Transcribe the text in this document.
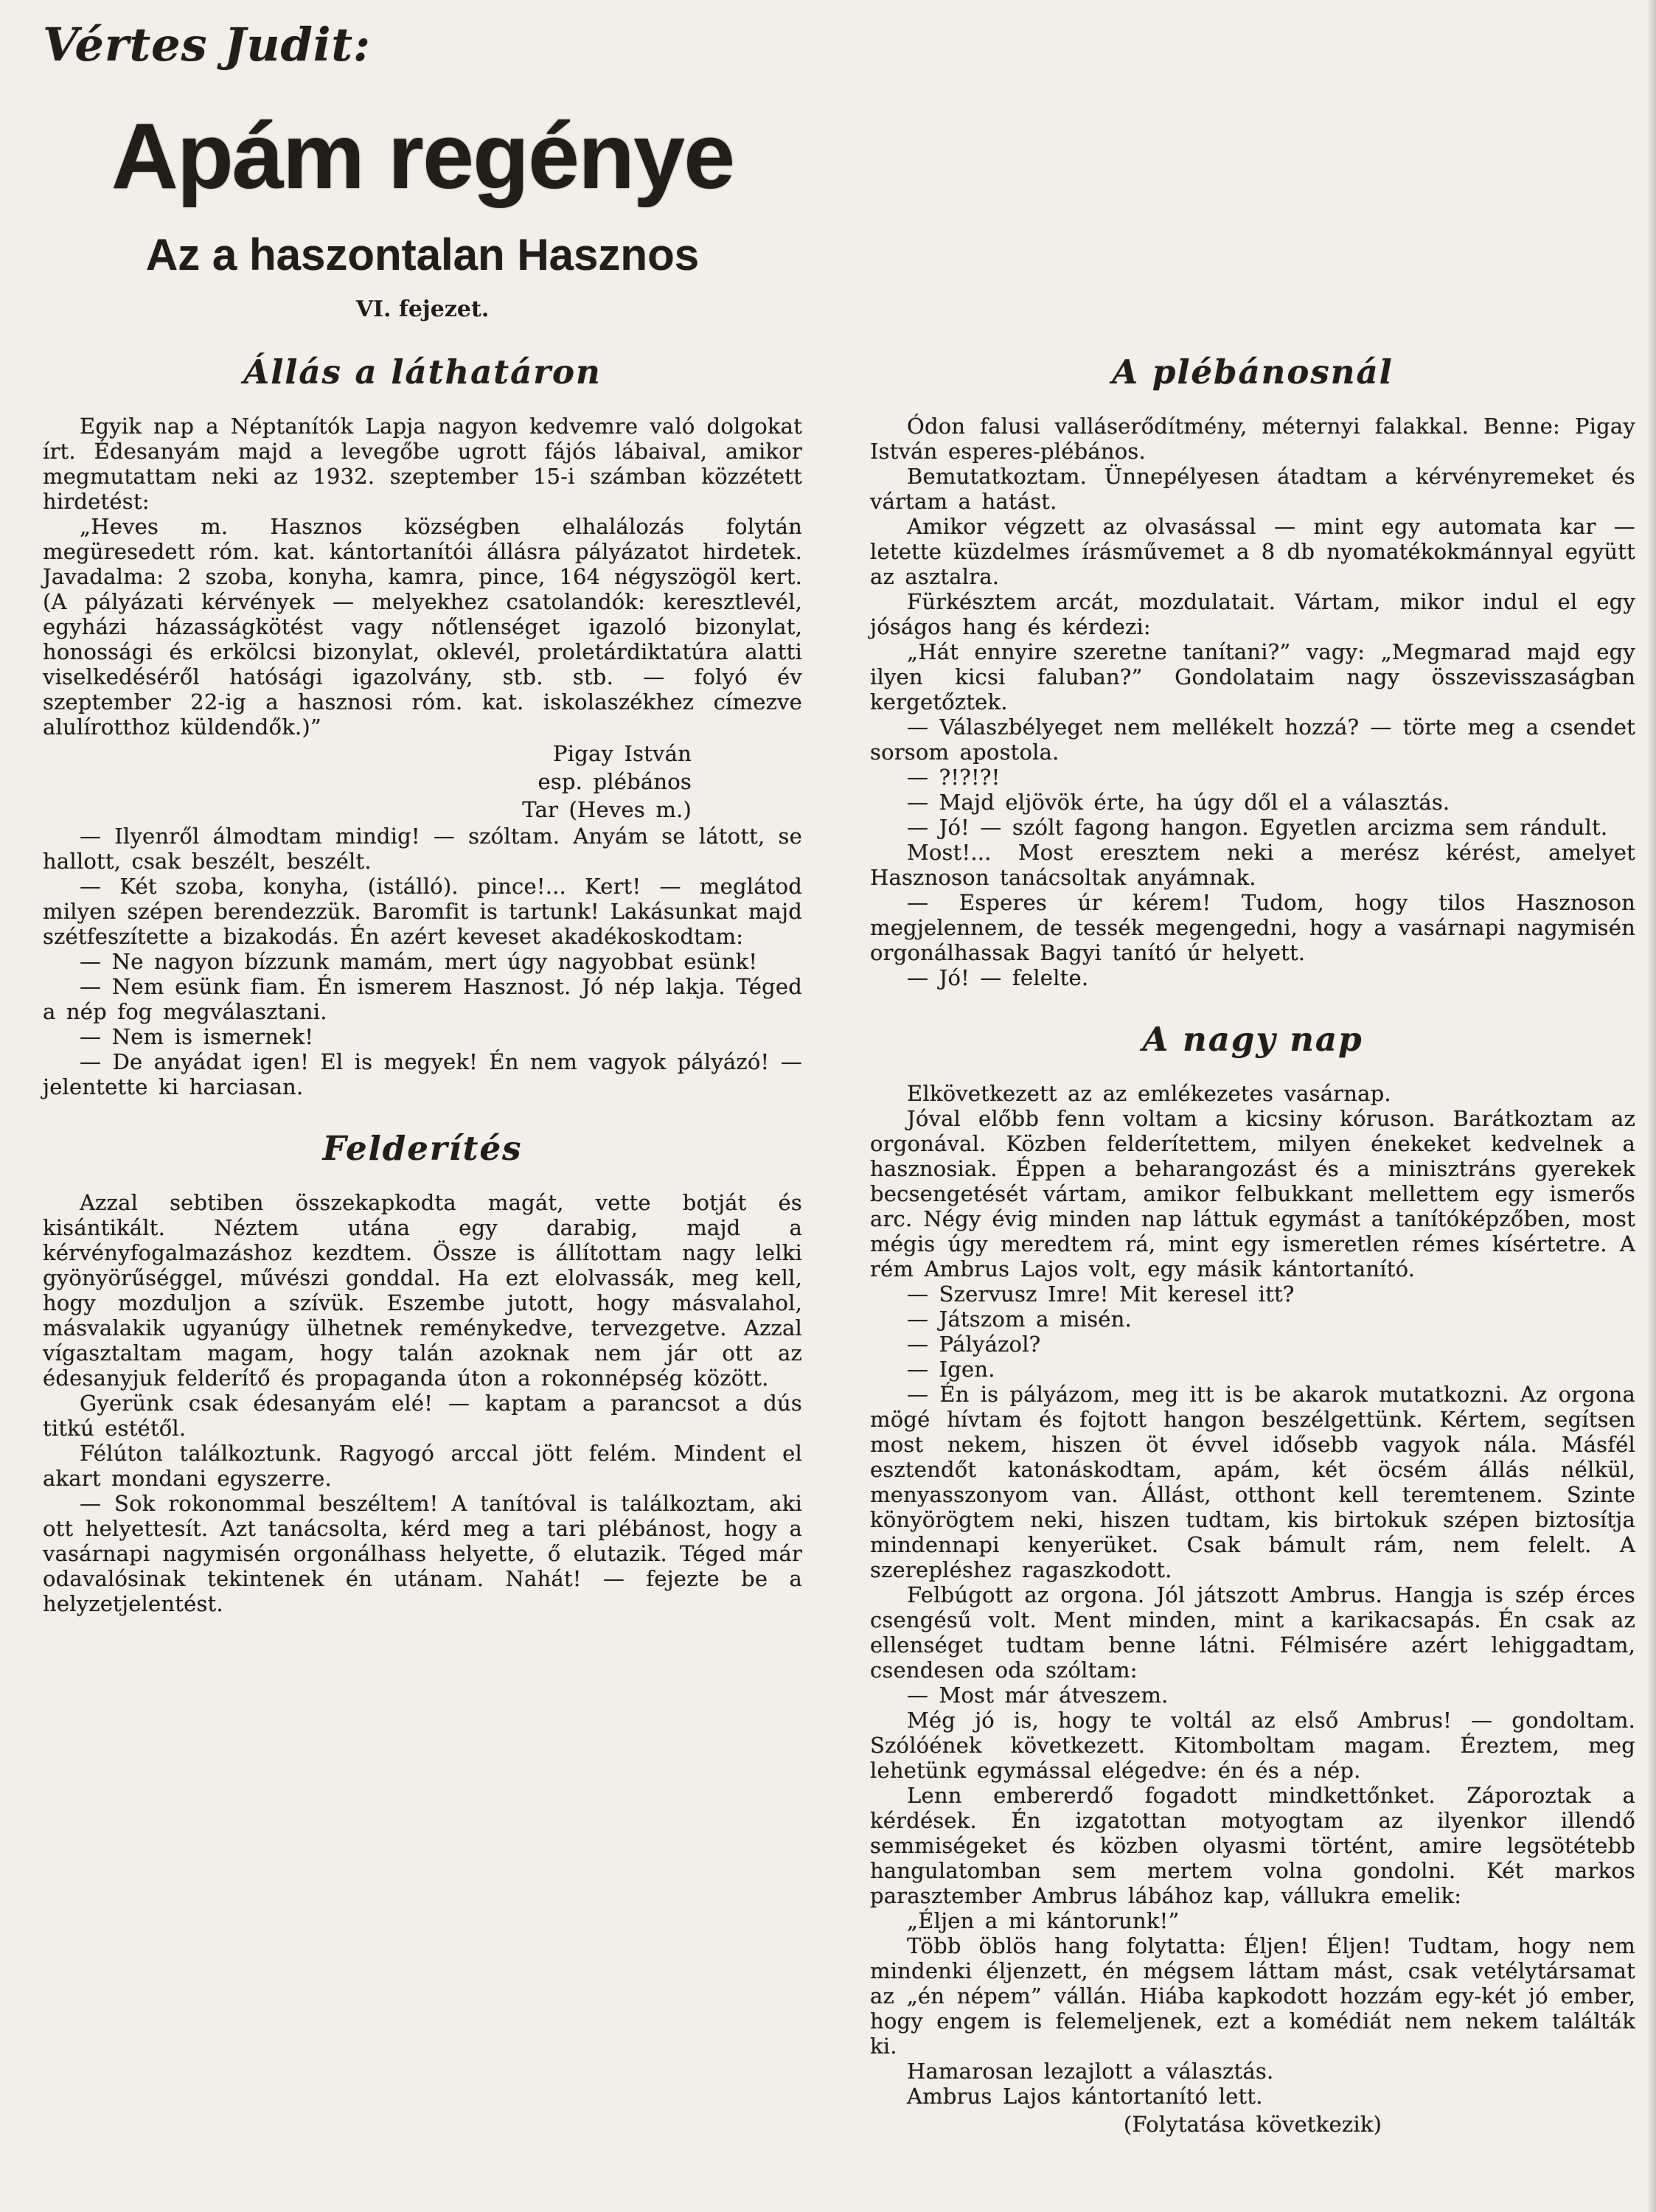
Vértes Judit:
Apám regénye
Az a haszontalan Hasznos
VI. fejezet.
Állás a láthatáron

Egyik nap a Néptanítók Lapja nagyon kedvemre való dolgokat írt. Édesanyám majd a levegőbe ugrott fájós lábaival, amikor megmutattam neki az 1932. szeptember 15-i számban közzétett hirdetést:

„Heves m. Hasznos községben elhalálozás folytán megüresedett róm. kat. kántortanítói állásra pályázatot hirdetek. Javadalma: 2 szoba, konyha, kamra, pince, 164 négyszögöl kert. (A pályázati kérvények — melyekhez csatolandók: keresztlevél, egyházi házasságkötést vagy nőtlenséget igazoló bizonylat, honossági és erkölcsi bizonylat, oklevél, proletárdiktatúra alatti viselkedéséről hatósági igazolvány, stb. stb. — folyó év szeptember 22-ig a hasznosi róm. kat. iskolaszékhez címezve alulírotthoz küldendők.)”

Pigay István

esp. plébános

Tar (Heves m.)

— Ilyenről álmodtam mindig! — szóltam. Anyám se látott, se hallott, csak beszélt, beszélt.

— Két szoba, konyha, (istálló). pince!... Kert! — meglátod milyen szépen berendezzük. Baromfit is tartunk! Lakásunkat majd szétfeszítette a bizakodás. Én azért keveset akadékoskodtam:

— Ne nagyon bízzunk mamám, mert úgy nagyobbat esünk!

— Nem esünk fiam. Én ismerem Hasznost. Jó nép lakja. Téged a nép fog megválasztani.

— Nem is ismernek!

— De anyádat igen! El is megyek! Én nem vagyok pályázó! — jelentette ki harciasan.

Felderítés

Azzal sebtiben összekapkodta magát, vette botját és kisántikált. Néztem utána egy darabig, majd a kérvényfogalmazáshoz kezdtem. Össze is állítottam nagy lelki gyönyörűséggel, művészi gonddal. Ha ezt elolvassák, meg kell, hogy mozduljon a szívük. Eszembe jutott, hogy másvalahol, másvalakik ugyanúgy ülhetnek reménykedve, tervezgetve. Azzal vígasztaltam magam, hogy talán azoknak nem jár ott az édesanyjuk felderítő és propaganda úton a rokonnépség között.

Gyerünk csak édesanyám elé! — kaptam a parancsot a dús titkú estétől.

Félúton találkoztunk. Ragyogó arccal jött felém. Mindent el akart mondani egyszerre.

— Sok rokonommal beszéltem! A tanítóval is találkoztam, aki ott helyettesít. Azt tanácsolta, kérd meg a tari plébánost, hogy a vasárnapi nagymisén orgonálhass helyette, ő elutazik. Téged már odavalósinak tekintenek én utánam. Nahát! — fejezte be a helyzetjelentést.

A plébánosnál

Ódon falusi valláserődítmény, méternyi falakkal. Benne: Pigay István esperes-plébános.

Bemutatkoztam. Ünnepélyesen átadtam a kérvényremeket és vártam a hatást.

Amikor végzett az olvasással — mint egy automata kar — letette küzdelmes írásművemet a 8 db nyomatékokmánnyal együtt az asztalra.

Fürkésztem arcát, mozdulatait. Vártam, mikor indul el egy jóságos hang és kérdezi:

„Hát ennyire szeretne tanítani?” vagy: „Megmarad majd egy ilyen kicsi faluban?” Gondolataim nagy összevisszaságban kergetőztek.

— Válaszbélyeget nem mellékelt hozzá? — törte meg a csendet sorsom apostola.

— ?!?!?!

— Majd eljövök érte, ha úgy dől el a választás.

— Jó! — szólt fagong hangon. Egyetlen arcizma sem rándult.

Most!... Most eresztem neki a merész kérést, amelyet Hasznoson tanácsoltak anyámnak.

— Esperes úr kérem! Tudom, hogy tilos Hasznoson megjelennem, de tessék megengedni, hogy a vasárnapi nagymisén orgonálhassak Bagyi tanító úr helyett.

— Jó! — felelte.

A nagy nap

Elkövetkezett az az emlékezetes vasárnap.

Jóval előbb fenn voltam a kicsiny kóruson. Barátkoztam az orgonával. Közben felderítettem, milyen énekeket kedvelnek a hasznosiak. Éppen a beharangozást és a minisztráns gyerekek becsengetését vártam, amikor felbukkant mellettem egy ismerős arc. Négy évig minden nap láttuk egymást a tanítóképzőben, most mégis úgy meredtem rá, mint egy ismeretlen rémes kísértetre. A rém Ambrus Lajos volt, egy másik kántortanító.

— Szervusz Imre! Mit keresel itt?

— Játszom a misén.

— Pályázol?

— Igen.

— Én is pályázom, meg itt is be akarok mutatkozni. Az orgona mögé hívtam és fojtott hangon beszélgettünk. Kértem, segítsen most nekem, hiszen öt évvel idősebb vagyok nála. Másfél esztendőt katonáskodtam, apám, két öcsém állás nélkül, menyasszonyom van. Állást, otthont kell teremtenem. Szinte könyörögtem neki, hiszen tudtam, kis birtokuk szépen biztosítja mindennapi kenyerüket. Csak bámult rám, nem felelt. A szerepléshez ragaszkodott.

Felbúgott az orgona. Jól játszott Ambrus. Hangja is szép érces csengésű volt. Ment minden, mint a karikacsapás. Én csak az ellenséget tudtam benne látni. Félmisére azért lehiggadtam, csendesen oda szóltam:

— Most már átveszem.

Még jó is, hogy te voltál az első Ambrus! — gondoltam. Szólóének következett. Kitomboltam magam. Éreztem, meg lehetünk egymással elégedve: én és a nép.

Lenn embererdő fogadott mindkettőnket. Záporoztak a kérdések. Én izgatottan motyogtam az ilyenkor illendő semmiségeket és közben olyasmi történt, amire legsötétebb hangulatomban sem mertem volna gondolni. Két markos parasztember Ambrus lábához kap, vállukra emelik:

„Éljen a mi kántorunk!”

Több öblös hang folytatta: Éljen! Éljen! Tudtam, hogy nem mindenki éljenzett, én mégsem láttam mást, csak vetélytársamat az „én népem” vállán. Hiába kapkodott hozzám egy-két jó ember, hogy engem is felemeljenek, ezt a komédiát nem nekem találták ki.

Hamarosan lezajlott a választás.

Ambrus Lajos kántortanító lett.

(Folytatása következik)
